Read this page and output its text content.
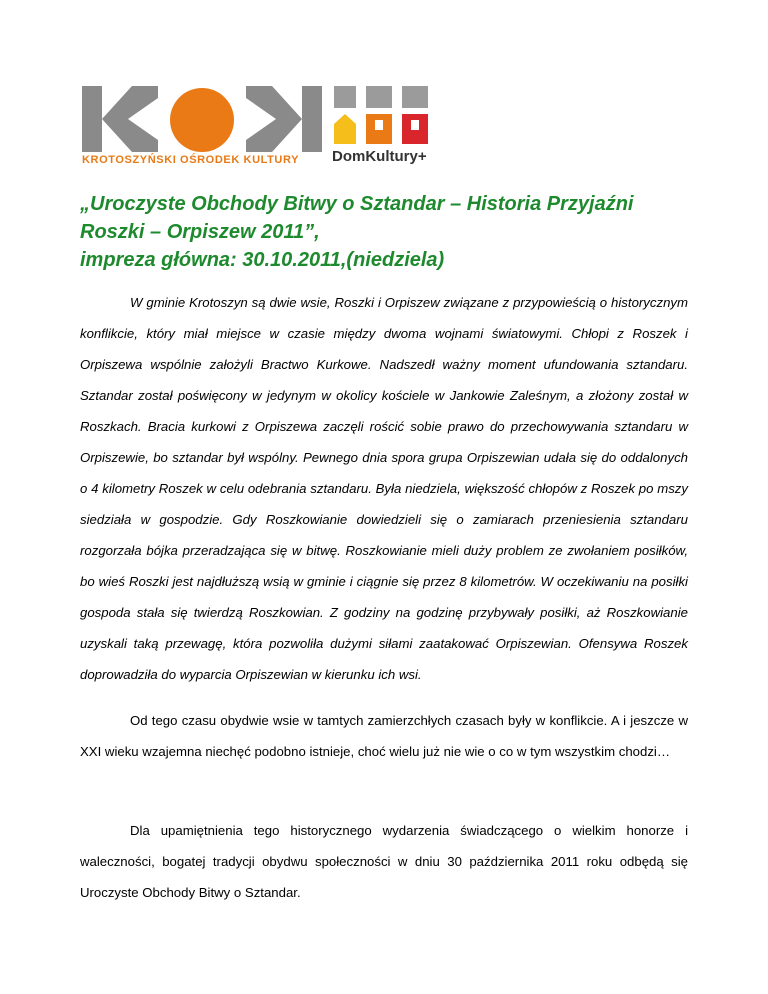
KROTOSZYŃSKI OŚRODEK KULTURY DomKultury+
„Uroczyste Obchody Bitwy o Sztandar – Historia Przyjaźni
Roszki – Orpiszew 2011”,
impreza główna: 30.10.2011,(niedziela)
W gminie Krotoszyn są dwie wsie, Roszki i Orpiszew związane z przypowieścią o historycznym konflikcie, który miał miejsce w czasie między dwoma wojnami światowymi. Chłopi z Roszek i Orpiszewa wspólnie założyli Bractwo Kurkowe. Nadszedł ważny moment ufundowania sztandaru. Sztandar został poświęcony w jedynym w okolicy kościele w Jankowie Zaleśnym, a złożony został w Roszkach. Bracia kurkowi z Orpiszewa zaczęli rościć sobie prawo do przechowywania sztandaru w Orpiszewie, bo sztandar był wspólny. Pewnego dnia spora grupa Orpiszewian udała się do oddalonych o 4 kilometry Roszek w celu odebrania sztandaru. Była niedziela, większość chłopów z Roszek po mszy siedziała w gospodzie. Gdy Roszkowianie dowiedzieli się o zamiarach przeniesienia sztandaru rozgorzała bójka przeradzająca się w bitwę. Roszkowianie mieli duży problem ze zwołaniem posiłków, bo wieś Roszki jest najdłuższą wsią w gminie i ciągnie się przez 8 kilometrów. W oczekiwaniu na posiłki gospoda stała się twierdzą Roszkowian. Z godziny na godzinę przybywały posiłki, aż Roszkowianie uzyskali taką przewagę, która pozwoliła dużymi siłami zaatakować Orpiszewian. Ofensywa Roszek doprowadziła do wyparcia Orpiszewian w kierunku ich wsi.
Od tego czasu obydwie wsie w tamtych zamierzchłych czasach były w konflikcie. A i jeszcze w XXI wieku wzajemna niechęć podobno istnieje, choć wielu już nie wie o co w tym wszystkim chodzi…
Dla upamiętnienia tego historycznego wydarzenia świadczącego o wielkim honorze i waleczności, bogatej tradycji obydwu społeczności w dniu 30 października 2011 roku odbędą się Uroczyste Obchody Bitwy o Sztandar.
